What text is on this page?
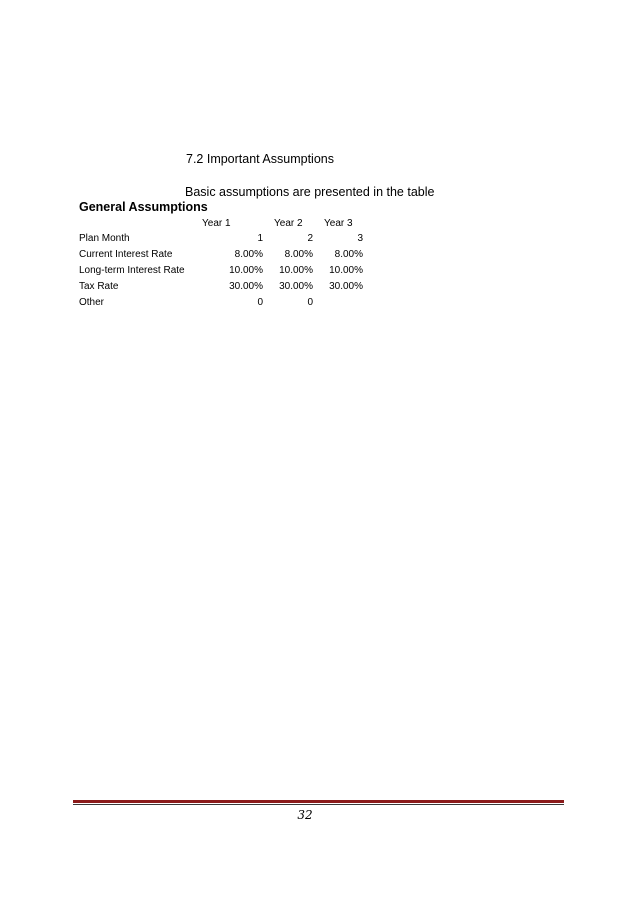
7.2 Important Assumptions
Basic assumptions are presented in the table
General Assumptions
Year 1	Year 2 Year 3
Plan Month	1	2	3
Current Interest Rate	8.00% 8.00% 8.00%
Long-term Interest Rate	10.00% 10.00% 10.00%
Tax Rate	30.00% 30.00% 30.00%
Other	0	0
32
